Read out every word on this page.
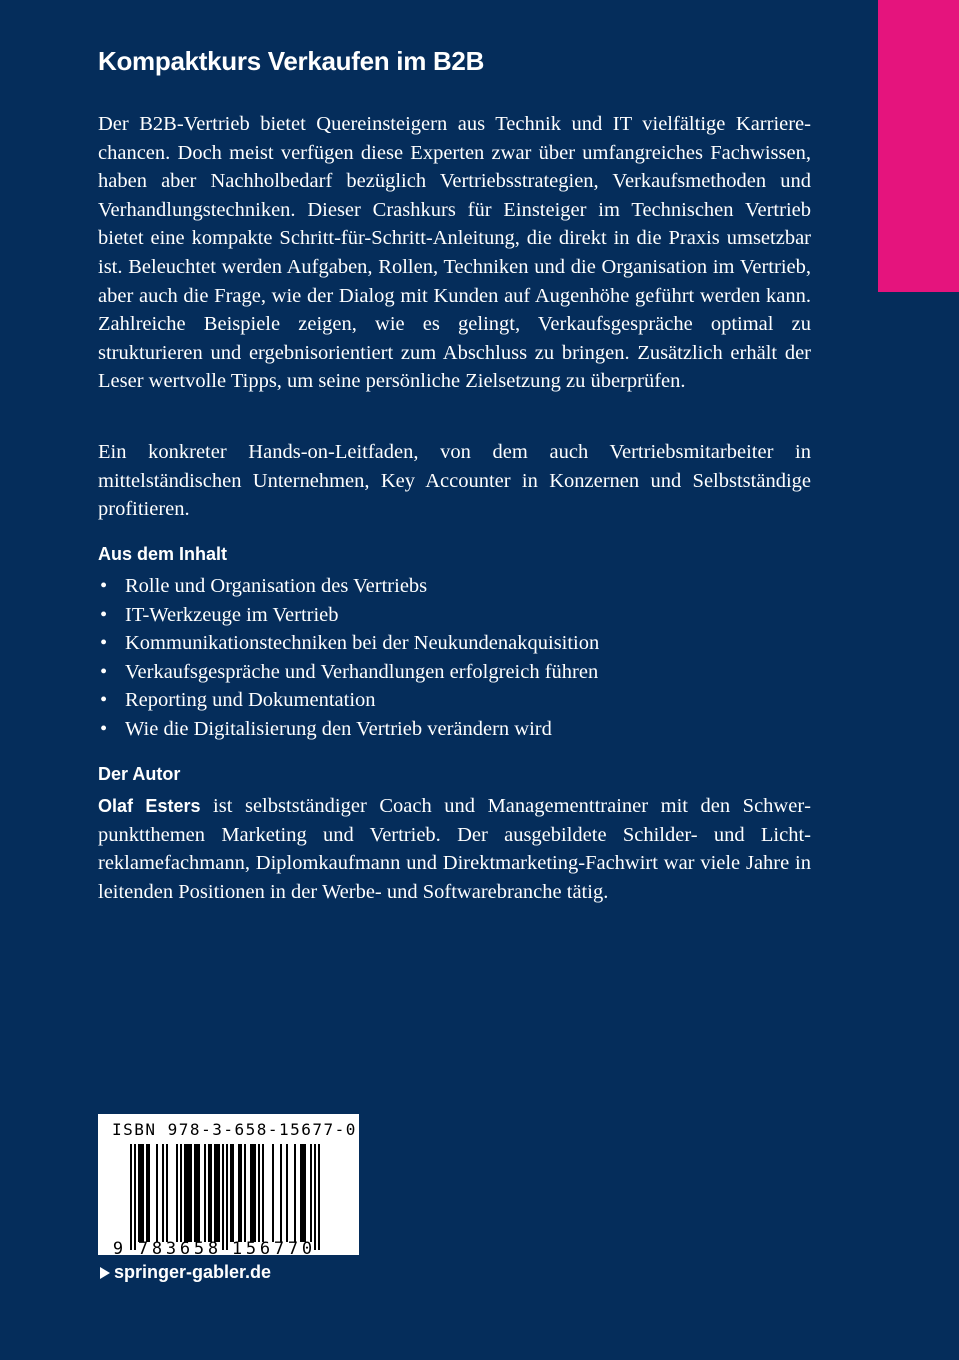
Kompaktkurs Verkaufen im B2B

Der B2B-Vertrieb bietet Quereinsteigern aus Technik und IT vielfältige Karrierechancen. Doch meist verfügen diese Experten zwar über umfangreiches Fachwissen, haben aber Nachholbedarf bezüglich Vertriebsstrategien, Verkaufsmethoden und Verhandlungstechniken. Dieser Crashkurs für Einsteiger im Technischen Vertrieb bietet eine kompakte Schritt-für-Schritt-Anleitung, die direkt in die Praxis umsetzbar ist. Beleuchtet werden Aufgaben, Rollen, Techniken und die Organisation im Vertrieb, aber auch die Frage, wie der Dialog mit Kunden auf Augenhöhe geführt werden kann. Zahlreiche Beispiele zeigen, wie es gelingt, Verkaufsgespräche optimal zu strukturieren und ergebnisorientiert zum Abschluss zu bringen. Zusätzlich erhält der Leser wertvolle Tipps, um seine persönliche Zielsetzung zu überprüfen.

Ein konkreter Hands-on-Leitfaden, von dem auch Vertriebsmitarbeiter in mittelständischen Unternehmen, Key Accounter in Konzernen und Selbstständige profitieren.

Aus dem Inhalt
• Rolle und Organisation des Vertriebs
• IT-Werkzeuge im Vertrieb
• Kommunikationstechniken bei der Neukundenakquisition
• Verkaufsgespräche und Verhandlungen erfolgreich führen
• Reporting und Dokumentation
• Wie die Digitalisierung den Vertrieb verändern wird
Der Autor

Olaf Esters ist selbstständiger Coach und Managementtrainer mit den Schwerpunktthemen Marketing und Vertrieb. Der ausgebildete Schilder- und Lichtreklamefachmann, Diplomkaufmann und Direktmarketing-Fachwirt war viele Jahre in leitenden Positionen in der Werbe- und Softwarebranche tätig.

ISBN 978-3-658-15677-0
9 7 8 3 6 5 8 1 5 6 7 7 0
springer-gabler.de
